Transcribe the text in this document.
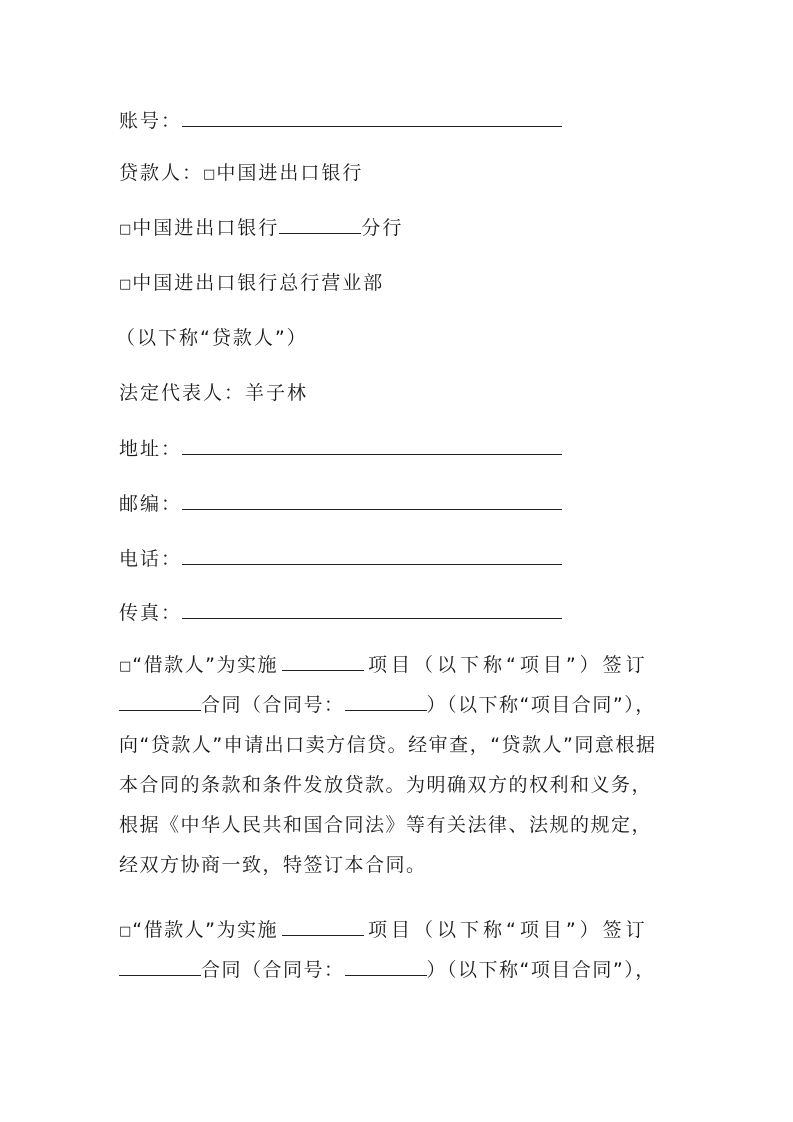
账号：
贷款人：□中国进出口银行
□中国进出口银行	分行
□中国进出口银行总行营业部
（以下称“贷款人”）
法定代表人：羊子林
地址：
邮编：
电话：
传真：
□“借款人”为实施	项目（以下称“项目”）签订
合同（合同号：	）（以下称“项目合同”），
向“贷款人”申请出口卖方信贷。经审查，“贷款人”同意根据
本合同的条款和条件发放贷款。为明确双方的权利和义务，
根据《中华人民共和国合同法》等有关法律、法规的规定，
经双方协商一致，特签订本合同。
□“借款人”为实施	项目（以下称“项目”）签订
合同（合同号：	）（以下称“项目合同”），
